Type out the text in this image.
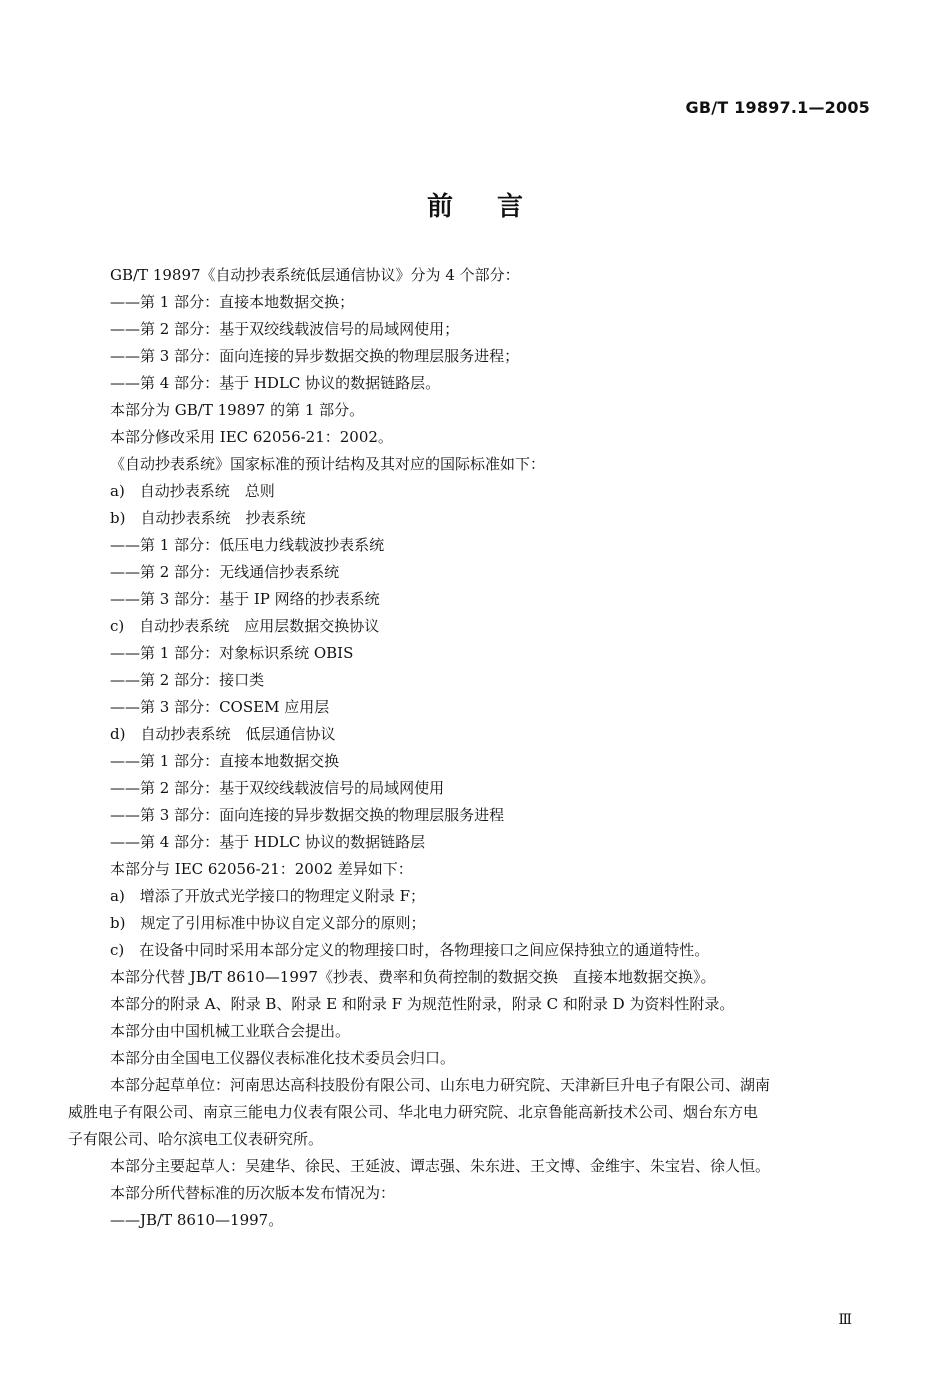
GB/T 19897.1—2005
前言
GB/T 19897《自动抄表系统低层通信协议》分为 4 个部分：
——第 1 部分：直接本地数据交换；
——第 2 部分：基于双绞线载波信号的局域网使用；
——第 3 部分：面向连接的异步数据交换的物理层服务进程；
——第 4 部分：基于 HDLC 协议的数据链路层。
本部分为 GB/T 19897 的第 1 部分。
本部分修改采用 IEC 62056-21：2002。
《自动抄表系统》国家标准的预计结构及其对应的国际标准如下：
a)　自动抄表系统　总则
b)　自动抄表系统　抄表系统
——第 1 部分：低压电力线载波抄表系统
——第 2 部分：无线通信抄表系统
——第 3 部分：基于 IP 网络的抄表系统
c)　自动抄表系统　应用层数据交换协议
——第 1 部分：对象标识系统 OBIS
——第 2 部分：接口类
——第 3 部分：COSEM 应用层
d)　自动抄表系统　低层通信协议
——第 1 部分：直接本地数据交换
——第 2 部分：基于双绞线载波信号的局域网使用
——第 3 部分：面向连接的异步数据交换的物理层服务进程
——第 4 部分：基于 HDLC 协议的数据链路层
本部分与 IEC 62056-21：2002 差异如下：
a)　增添了开放式光学接口的物理定义附录 F；
b)　规定了引用标准中协议自定义部分的原则；
c)　在设备中同时采用本部分定义的物理接口时，各物理接口之间应保持独立的通道特性。
本部分代替 JB/T 8610—1997《抄表、费率和负荷控制的数据交换　直接本地数据交换》。
本部分的附录 A、附录 B、附录 E 和附录 F 为规范性附录，附录 C 和附录 D 为资料性附录。
本部分由中国机械工业联合会提出。
本部分由全国电工仪器仪表标准化技术委员会归口。
本部分起草单位：河南思达高科技股份有限公司、山东电力研究院、天津新巨升电子有限公司、湖南
威胜电子有限公司、南京三能电力仪表有限公司、华北电力研究院、北京鲁能高新技术公司、烟台东方电
子有限公司、哈尔滨电工仪表研究所。
本部分主要起草人：吴建华、徐民、王延波、谭志强、朱东进、王文博、金维宇、朱宝岩、徐人恒。
本部分所代替标准的历次版本发布情况为：
——JB/T 8610—1997。
Ⅲ
